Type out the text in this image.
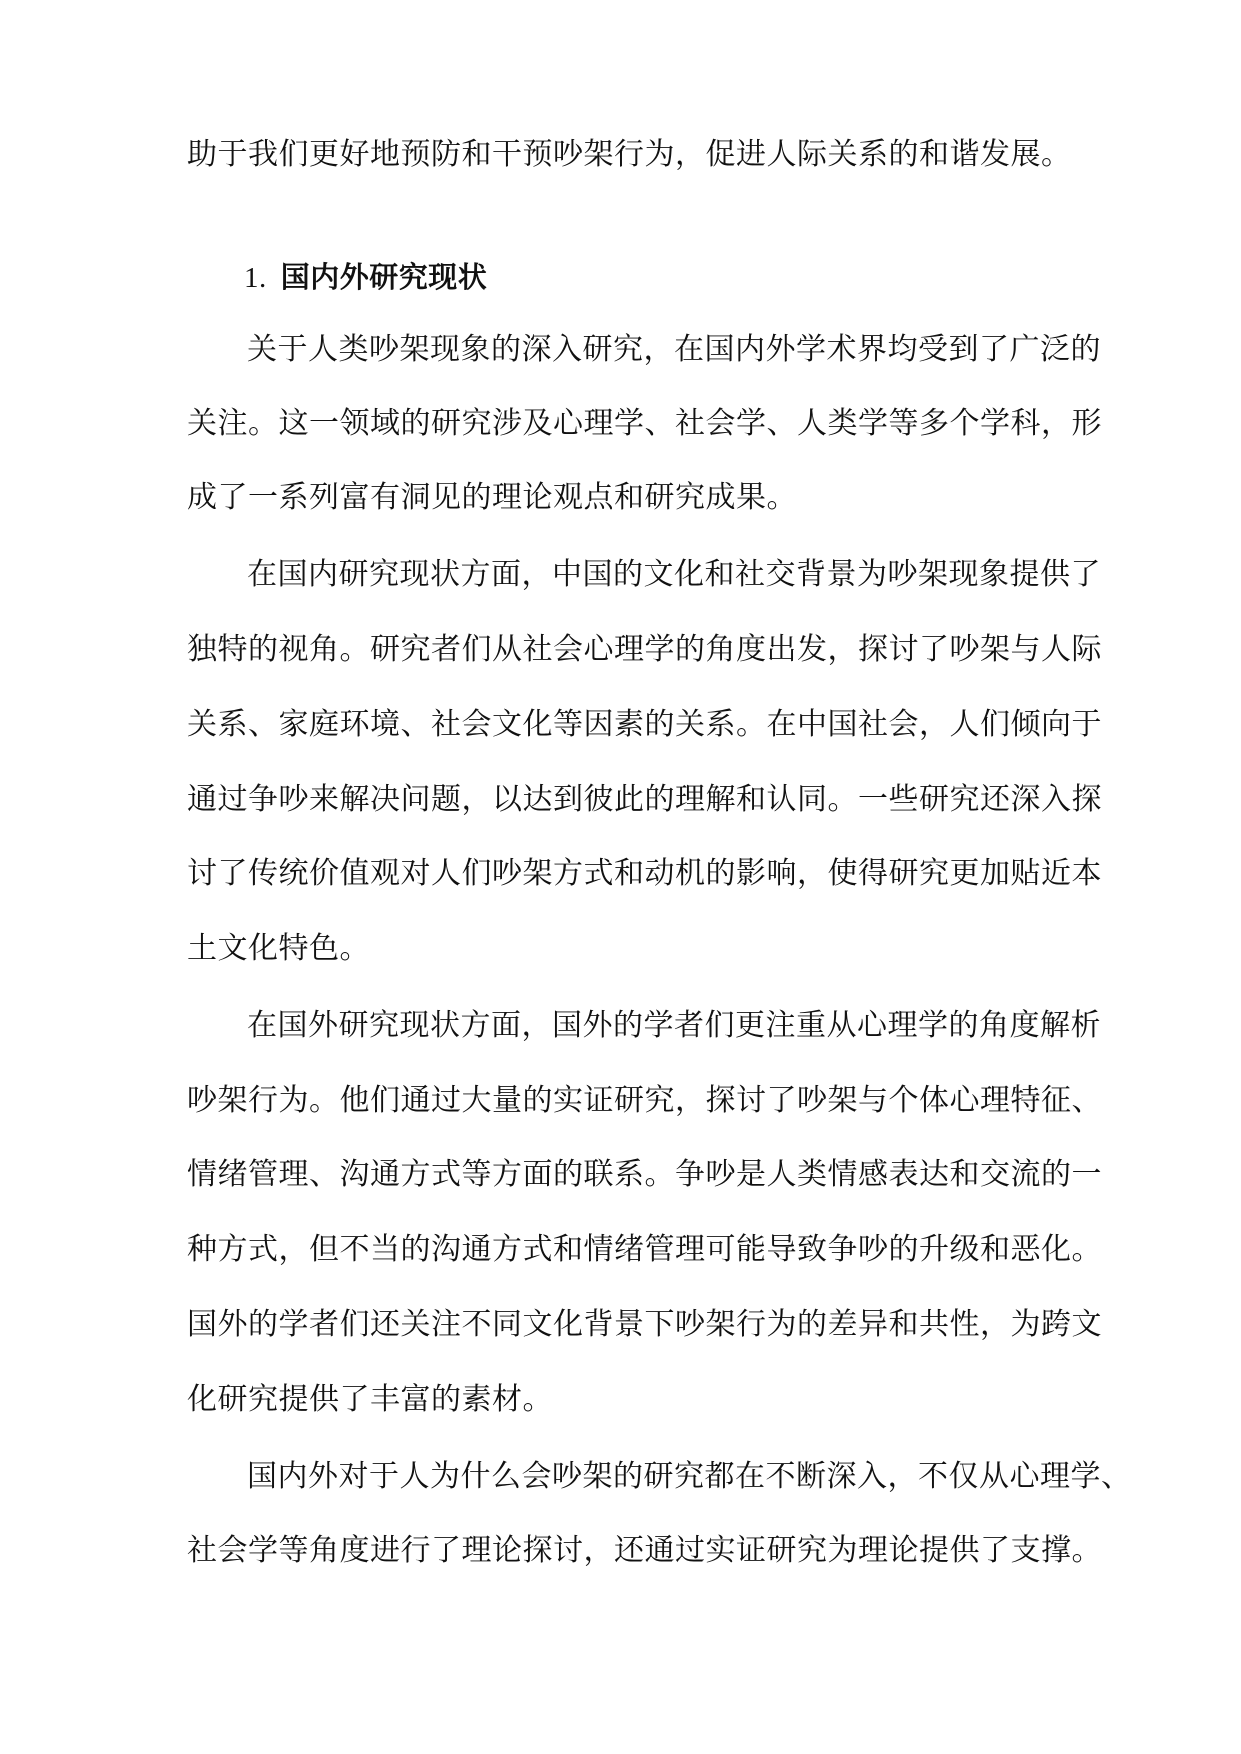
助于我们更好地预防和干预吵架行为，促进人际关系的和谐发展。
1. 国内外研究现状
关于人类吵架现象的深入研究，在国内外学术界均受到了广泛的
关注。这一领域的研究涉及心理学、社会学、人类学等多个学科，形
成了一系列富有洞见的理论观点和研究成果。
在国内研究现状方面，中国的文化和社交背景为吵架现象提供了
独特的视角。研究者们从社会心理学的角度出发，探讨了吵架与人际
关系、家庭环境、社会文化等因素的关系。在中国社会，人们倾向于
通过争吵来解决问题，以达到彼此的理解和认同。一些研究还深入探
讨了传统价值观对人们吵架方式和动机的影响，使得研究更加贴近本
土文化特色。
在国外研究现状方面，国外的学者们更注重从心理学的角度解析
吵架行为。他们通过大量的实证研究，探讨了吵架与个体心理特征、
情绪管理、沟通方式等方面的联系。争吵是人类情感表达和交流的一
种方式，但不当的沟通方式和情绪管理可能导致争吵的升级和恶化。
国外的学者们还关注不同文化背景下吵架行为的差异和共性，为跨文
化研究提供了丰富的素材。
国内外对于人为什么会吵架的研究都在不断深入，不仅从心理学、
社会学等角度进行了理论探讨，还通过实证研究为理论提供了支撑。
